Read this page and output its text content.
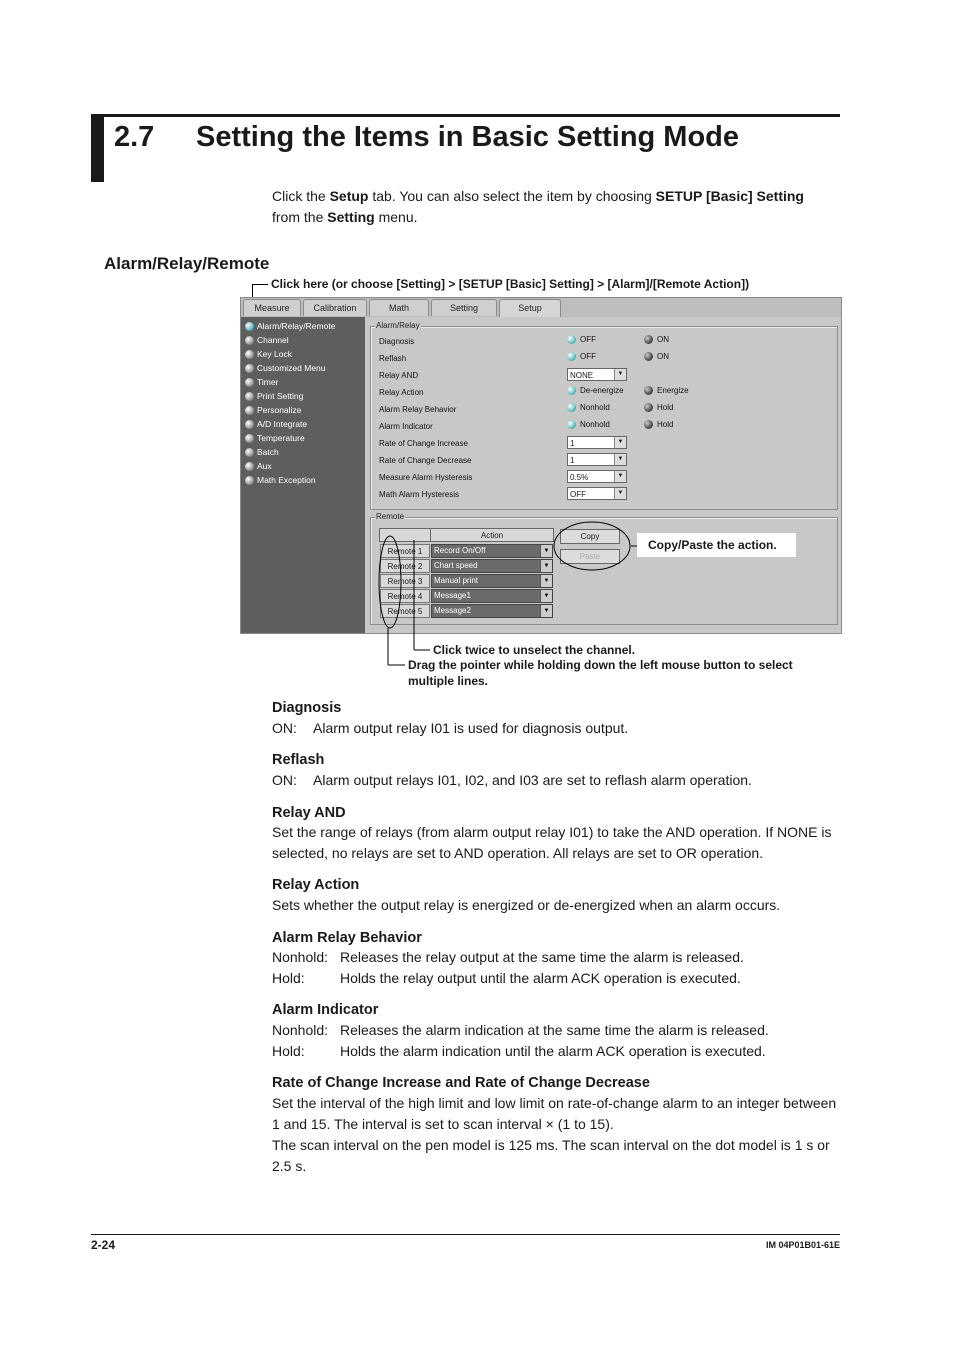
2.7 Setting the Items in Basic Setting Mode
Click the Setup tab. You can also select the item by choosing SETUP [Basic] Setting from the Setting menu.
Alarm/Relay/Remote
Click here (or choose [Setting] > [SETUP [Basic] Setting] > [Alarm]/[Remote Action])
Measure	Calibration	Math	Setting	Setup
Alarm/Relay/Remote
Channel
Key Lock
Customized Menu
Timer
Print Setting
Personalize
A/D Integrate
Temperature
Batch
Aux
Math Exception
Alarm/Relay
Diagnosis	OFF	ON
Reflash	OFF	ON
Relay AND	NONE	▼
Relay Action	De-energize	Energize
Alarm Relay Behavior	Nonhold	Hold
Alarm Indicator	Nonhold	Hold
Rate of Change Increase	1	▼
Rate of Change Decrease	1	▼
Measure Alarm Hysteresis	0.5%	▼
Math Alarm Hysteresis	OFF	▼
Remote
Action
Remote 1	Record On/Off	▼
Remote 2	Chart speed	▼
Remote 3	Manual print	▼
Remote 4	Message1	▼
Remote 5	Message2	▼
Copy
Paste
Copy/Paste the action.
Click twice to unselect the channel.
Drag the pointer while holding down the left mouse button to select
multiple lines.
Diagnosis
ON: Alarm output relay I01 is used for diagnosis output.
Reflash
ON: Alarm output relays I01, I02, and I03 are set to reflash alarm operation.
Relay AND
Set the range of relays (from alarm output relay I01) to take the AND operation. If NONE is selected, no relays are set to AND operation. All relays are set to OR operation.
Relay Action
Sets whether the output relay is energized or de-energized when an alarm occurs.
Alarm Relay Behavior
Nonhold: Releases the relay output at the same time the alarm is released.
Hold:	Holds the relay output until the alarm ACK operation is executed.
Alarm Indicator
Nonhold: Releases the alarm indication at the same time the alarm is released.
Hold:	Holds the alarm indication until the alarm ACK operation is executed.
Rate of Change Increase and Rate of Change Decrease
Set the interval of the high limit and low limit on rate-of-change alarm to an integer between 1 and 15. The interval is set to scan interval × (1 to 15).
The scan interval on the pen model is 125 ms. The scan interval on the dot model is 1 s or 2.5 s.
2-24	IM 04P01B01-61E
